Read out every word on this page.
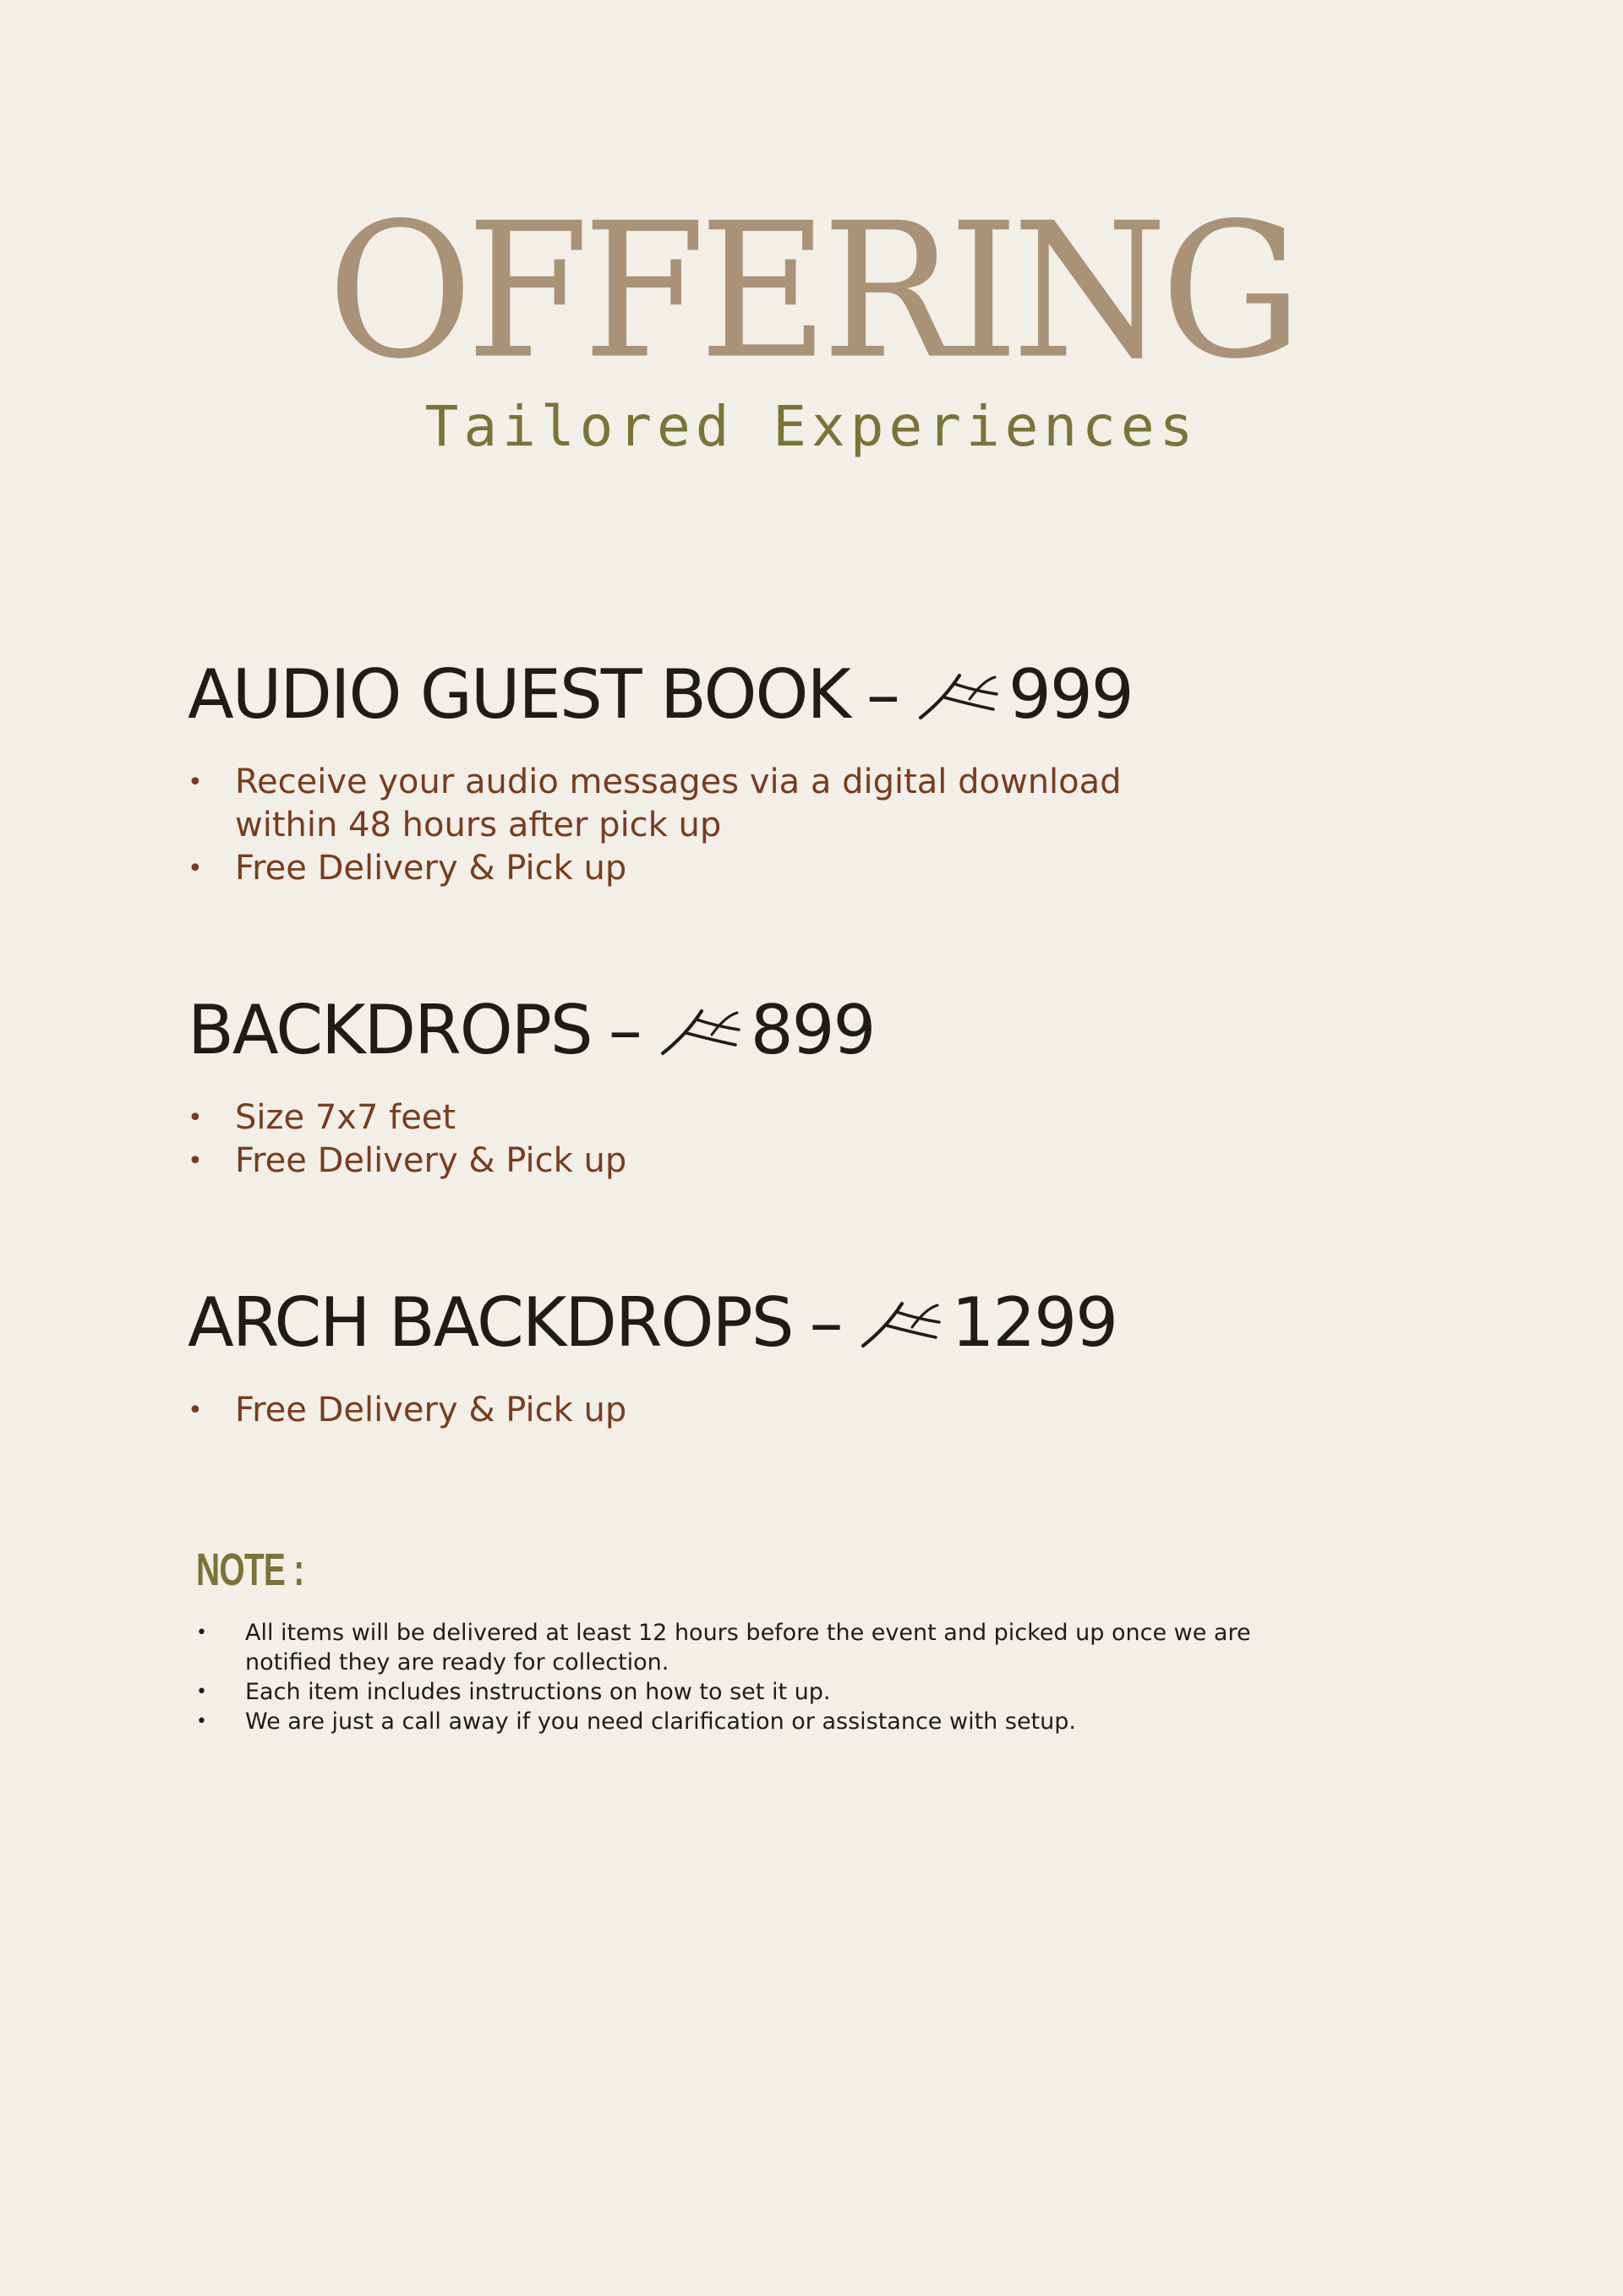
OFFERING
Tailored Experiences
AUDIO GUEST BOOK – 999
• Receive your audio messages via a digital download
within 48 hours after pick up
• Free Delivery & Pick up
BACKDROPS – 899
• Size 7x7 feet
• Free Delivery & Pick up
ARCH BACKDROPS – 1299
• Free Delivery & Pick up
NOTE :
• All items will be delivered at least 12 hours before the event and picked up once we are notified they are ready for collection.
• Each item includes instructions on how to set it up.
• We are just a call away if you need clarification or assistance with setup.
